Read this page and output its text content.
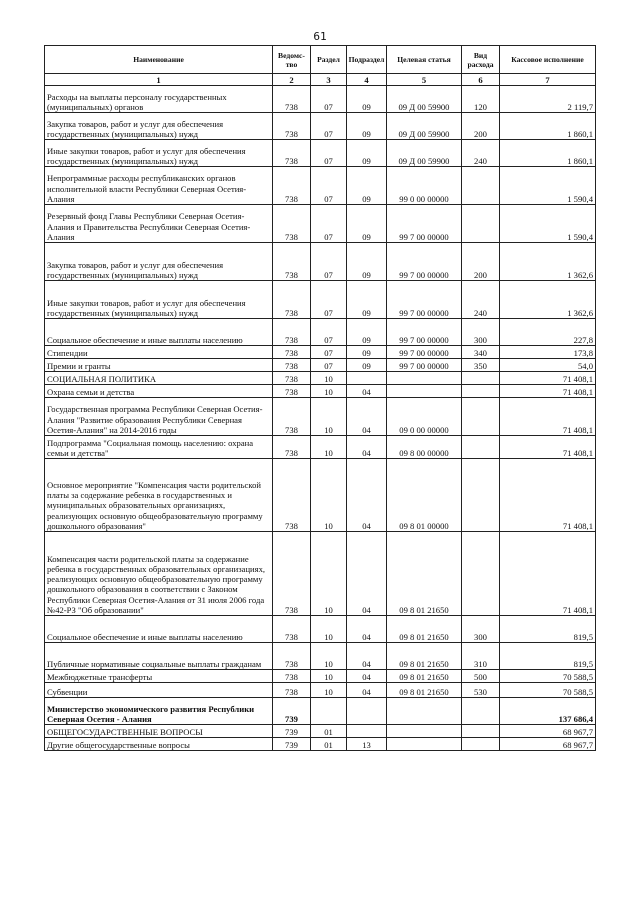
61
Наименование	Ведомс-тво	Раздел	Подраздел	Целевая статья	Вид расхода	Кассовое исполнение
1	2	3	4	5	6	7
Расходы на выплаты персоналу государственных (муниципальных) органов	738	07	09	09 Д 00 59900	120	2 119,7
Закупка товаров, работ и услуг для обеспечения государственных (муниципальных) нужд	738	07	09	09 Д 00 59900	200	1 860,1
Иные закупки товаров, работ и услуг для обеспечения государственных (муниципальных) нужд	738	07	09	09 Д 00 59900	240	1 860,1
Непрограммные расходы республиканских органов исполнительной власти Республики Северная Осетия-Алания	738	07	09	99 0 00 00000		1 590,4
Резервный фонд Главы Республики Северная Осетия-Алания и Правительства Республики Северная Осетия-Алания	738	07	09	99 7 00 00000		1 590,4
Закупка товаров, работ и услуг для обеспечения государственных (муниципальных) нужд	738	07	09	99 7 00 00000	200	1 362,6
Иные закупки товаров, работ и услуг для обеспечения государственных (муниципальных) нужд	738	07	09	99 7 00 00000	240	1 362,6
Социальное обеспечение и иные выплаты населению	738	07	09	99 7 00 00000	300	227,8
Стипендии	738	07	09	99 7 00 00000	340	173,8
Премии и гранты	738	07	09	99 7 00 00000	350	54,0
СОЦИАЛЬНАЯ ПОЛИТИКА	738	10				71 408,1
Охрана семьи и детства	738	10	04			71 408,1
Государственная программа Республики Северная Осетия-Алания "Развитие образования Республики Северная Осетия-Алания" на 2014-2016 годы	738	10	04	09 0 00 00000		71 408,1
Подпрограмма "Социальная помощь населению: охрана семьи и детства"	738	10	04	09 8 00 00000		71 408,1
Основное мероприятие "Компенсация части родительской платы за содержание ребенка в государственных и муниципальных образовательных организациях, реализующих основную общеобразовательную программу дошкольного образования"	738	10	04	09 8 01 00000		71 408,1
Компенсация части родительской платы за содержание ребенка в государственных образовательных организациях, реализующих основную общеобразовательную программу дошкольного образования в соответствии с Законом Республики Северная Осетия-Алания от 31 июля 2006 года №42-РЗ "Об образовании"	738	10	04	09 8 01 21650		71 408,1
Социальное обеспечение и иные выплаты населению	738	10	04	09 8 01 21650	300	819,5
Публичные нормативные социальные выплаты гражданам	738	10	04	09 8 01 21650	310	819,5
Межбюджетные трансферты	738	10	04	09 8 01 21650	500	70 588,5
Субвенции	738	10	04	09 8 01 21650	530	70 588,5
Министерство экономического развития Республики Северная Осетия - Алания	739					137 686,4
ОБЩЕГОСУДАРСТВЕННЫЕ ВОПРОСЫ	739	01				68 967,7
Другие общегосударственные вопросы	739	01	13			68 967,7
